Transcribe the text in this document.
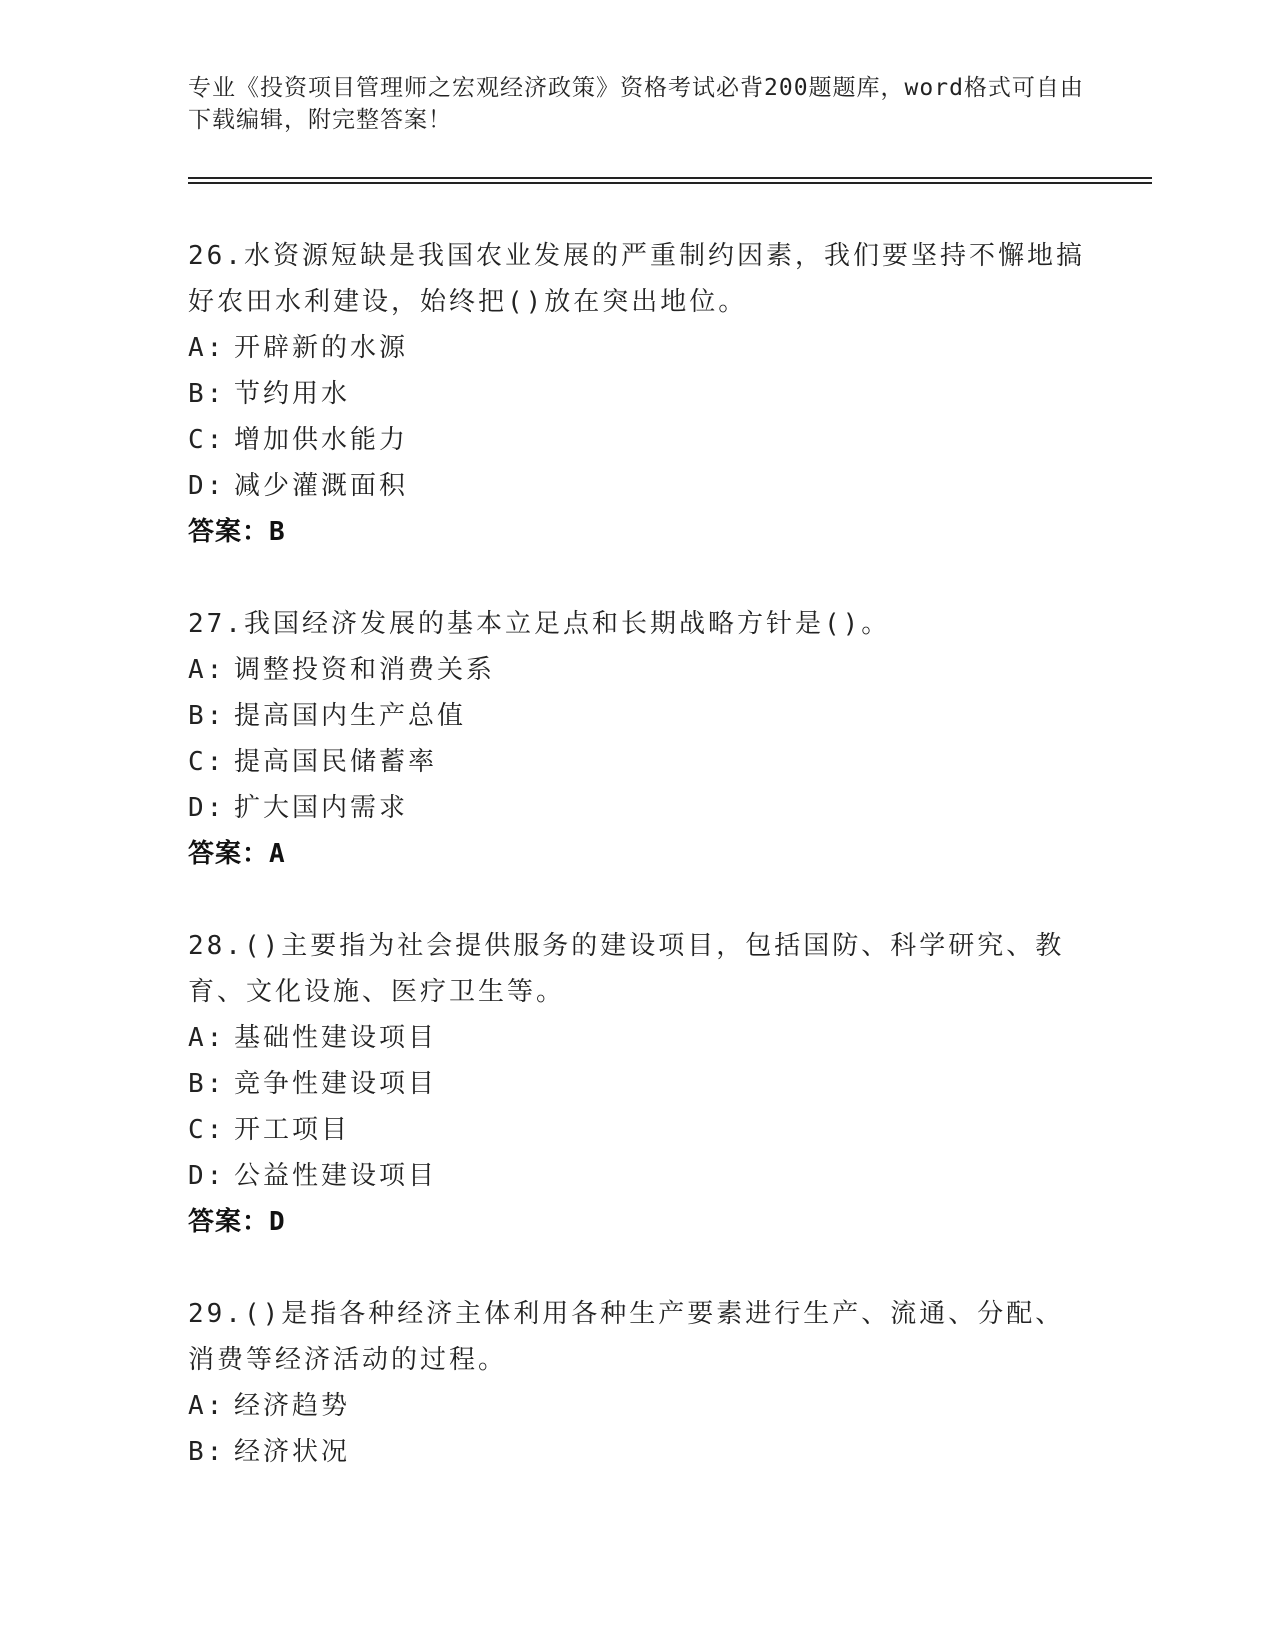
专业《投资项目管理师之宏观经济政策》资格考试必背200题题库，word格式可自由下载编辑，附完整答案！

26.水资源短缺是我国农业发展的严重制约因素，我们要坚持不懈地搞好农田水利建设，始终把()放在突出地位。

A: 开辟新的水源

B: 节约用水

C: 增加供水能力

D: 减少灌溉面积

答案：B

27.我国经济发展的基本立足点和长期战略方针是()。

A: 调整投资和消费关系

B: 提高国内生产总值

C: 提高国民储蓄率

D: 扩大国内需求

答案：A

28.()主要指为社会提供服务的建设项目，包括国防、科学研究、教育、文化设施、医疗卫生等。

A: 基础性建设项目

B: 竞争性建设项目

C: 开工项目

D: 公益性建设项目

答案：D

29.()是指各种经济主体利用各种生产要素进行生产、流通、分配、消费等经济活动的过程。

A: 经济趋势

B: 经济状况
